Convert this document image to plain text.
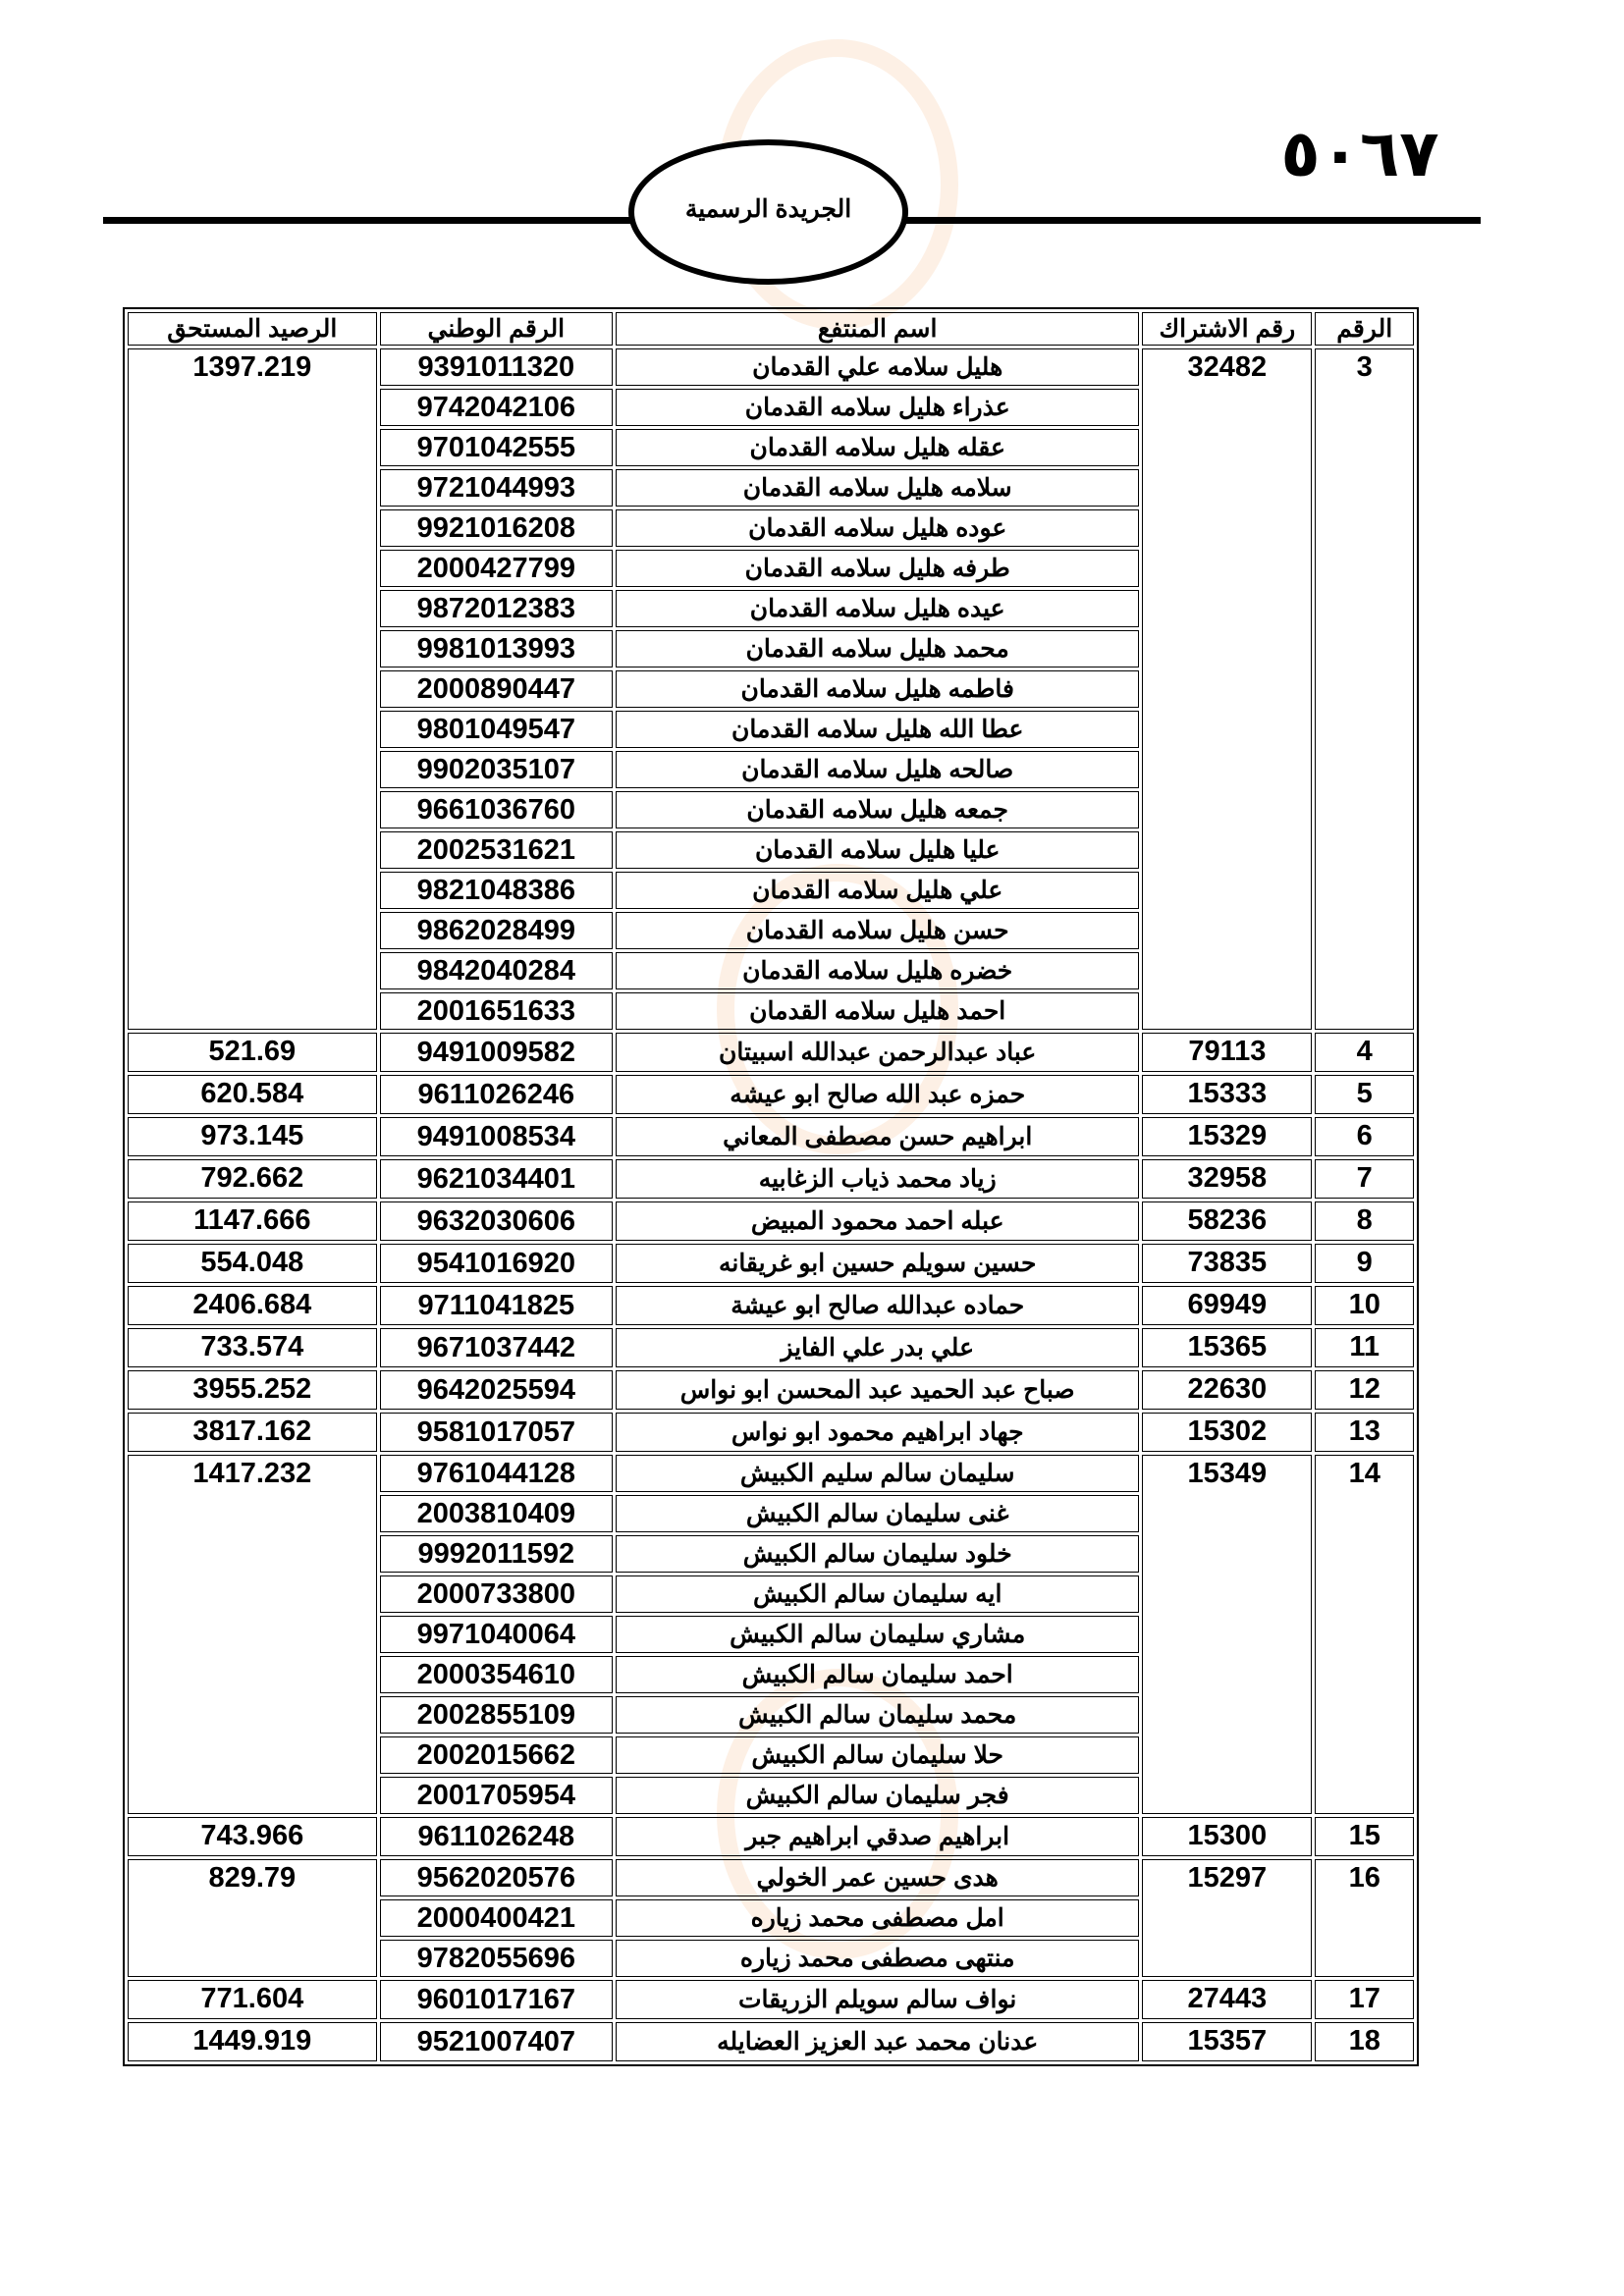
٥٠٦٧
الجريدة الرسمية
الرقم	رقم الاشتراك	اسم المنتفع	الرقم الوطني	الرصيد المستحق
3	32482	هليل سلامه علي القدمان	9391011320	1397.219
		عذراء هليل سلامه القدمان	9742042106	
		عقله هليل سلامه القدمان	9701042555	
		سلامه هليل سلامه القدمان	9721044993	
		عوده هليل سلامه القدمان	9921016208	
		طرفه هليل سلامه القدمان	2000427799	
		عيده هليل سلامه القدمان	9872012383	
		محمد هليل سلامه القدمان	9981013993	
		فاطمه هليل سلامه القدمان	2000890447	
		عطا الله هليل سلامه القدمان	9801049547	
		صالحه هليل سلامه القدمان	9902035107	
		جمعه هليل سلامه القدمان	9661036760	
		عليا هليل سلامه القدمان	2002531621	
		علي هليل سلامه القدمان	9821048386	
		حسن هليل سلامه القدمان	9862028499	
		خضره هليل سلامه القدمان	9842040284	
		احمد هليل سلامه القدمان	2001651633	
4	79113	عباد عبدالرحمن عبدالله اسبيتان	9491009582	521.69
5	15333	حمزه عبد الله صالح ابو عيشه	9611026246	620.584
6	15329	ابراهيم حسن مصطفى المعاني	9491008534	973.145
7	32958	زياد محمد ذياب الزغابيه	9621034401	792.662
8	58236	عبله احمد محمود المبيض	9632030606	1147.666
9	73835	حسين سويلم حسين ابو غريقانه	9541016920	554.048
10	69949	حماده عبدالله صالح ابو عيشة	9711041825	2406.684
11	15365	علي بدر علي الفايز	9671037442	733.574
12	22630	صباح عبد الحميد عبد المحسن ابو نواس	9642025594	3955.252
13	15302	جهاد ابراهيم محمود ابو نواس	9581017057	3817.162
14	15349	سليمان سالم سليم الكبيش	9761044128	1417.232
		غنى سليمان سالم الكبيش	2003810409	
		خلود سليمان سالم الكبيش	9992011592	
		ايه سليمان سالم الكبيش	2000733800	
		مشاري سليمان سالم الكبيش	9971040064	
		احمد سليمان سالم الكبيش	2000354610	
		محمد سليمان سالم الكبيش	2002855109	
		حلا سليمان سالم الكبيش	2002015662	
		فجر سليمان سالم الكبيش	2001705954	
15	15300	ابراهيم صدقي ابراهيم جبر	9611026248	743.966
16	15297	هدى حسين عمر الخولي	9562020576	829.79
		امل مصطفى محمد زياره	2000400421	
		منتهى مصطفى محمد زياره	9782055696	
17	27443	نواف سالم سويلم الزريقات	9601017167	771.604
18	15357	عدنان محمد عبد العزيز العضايله	9521007407	1449.919
